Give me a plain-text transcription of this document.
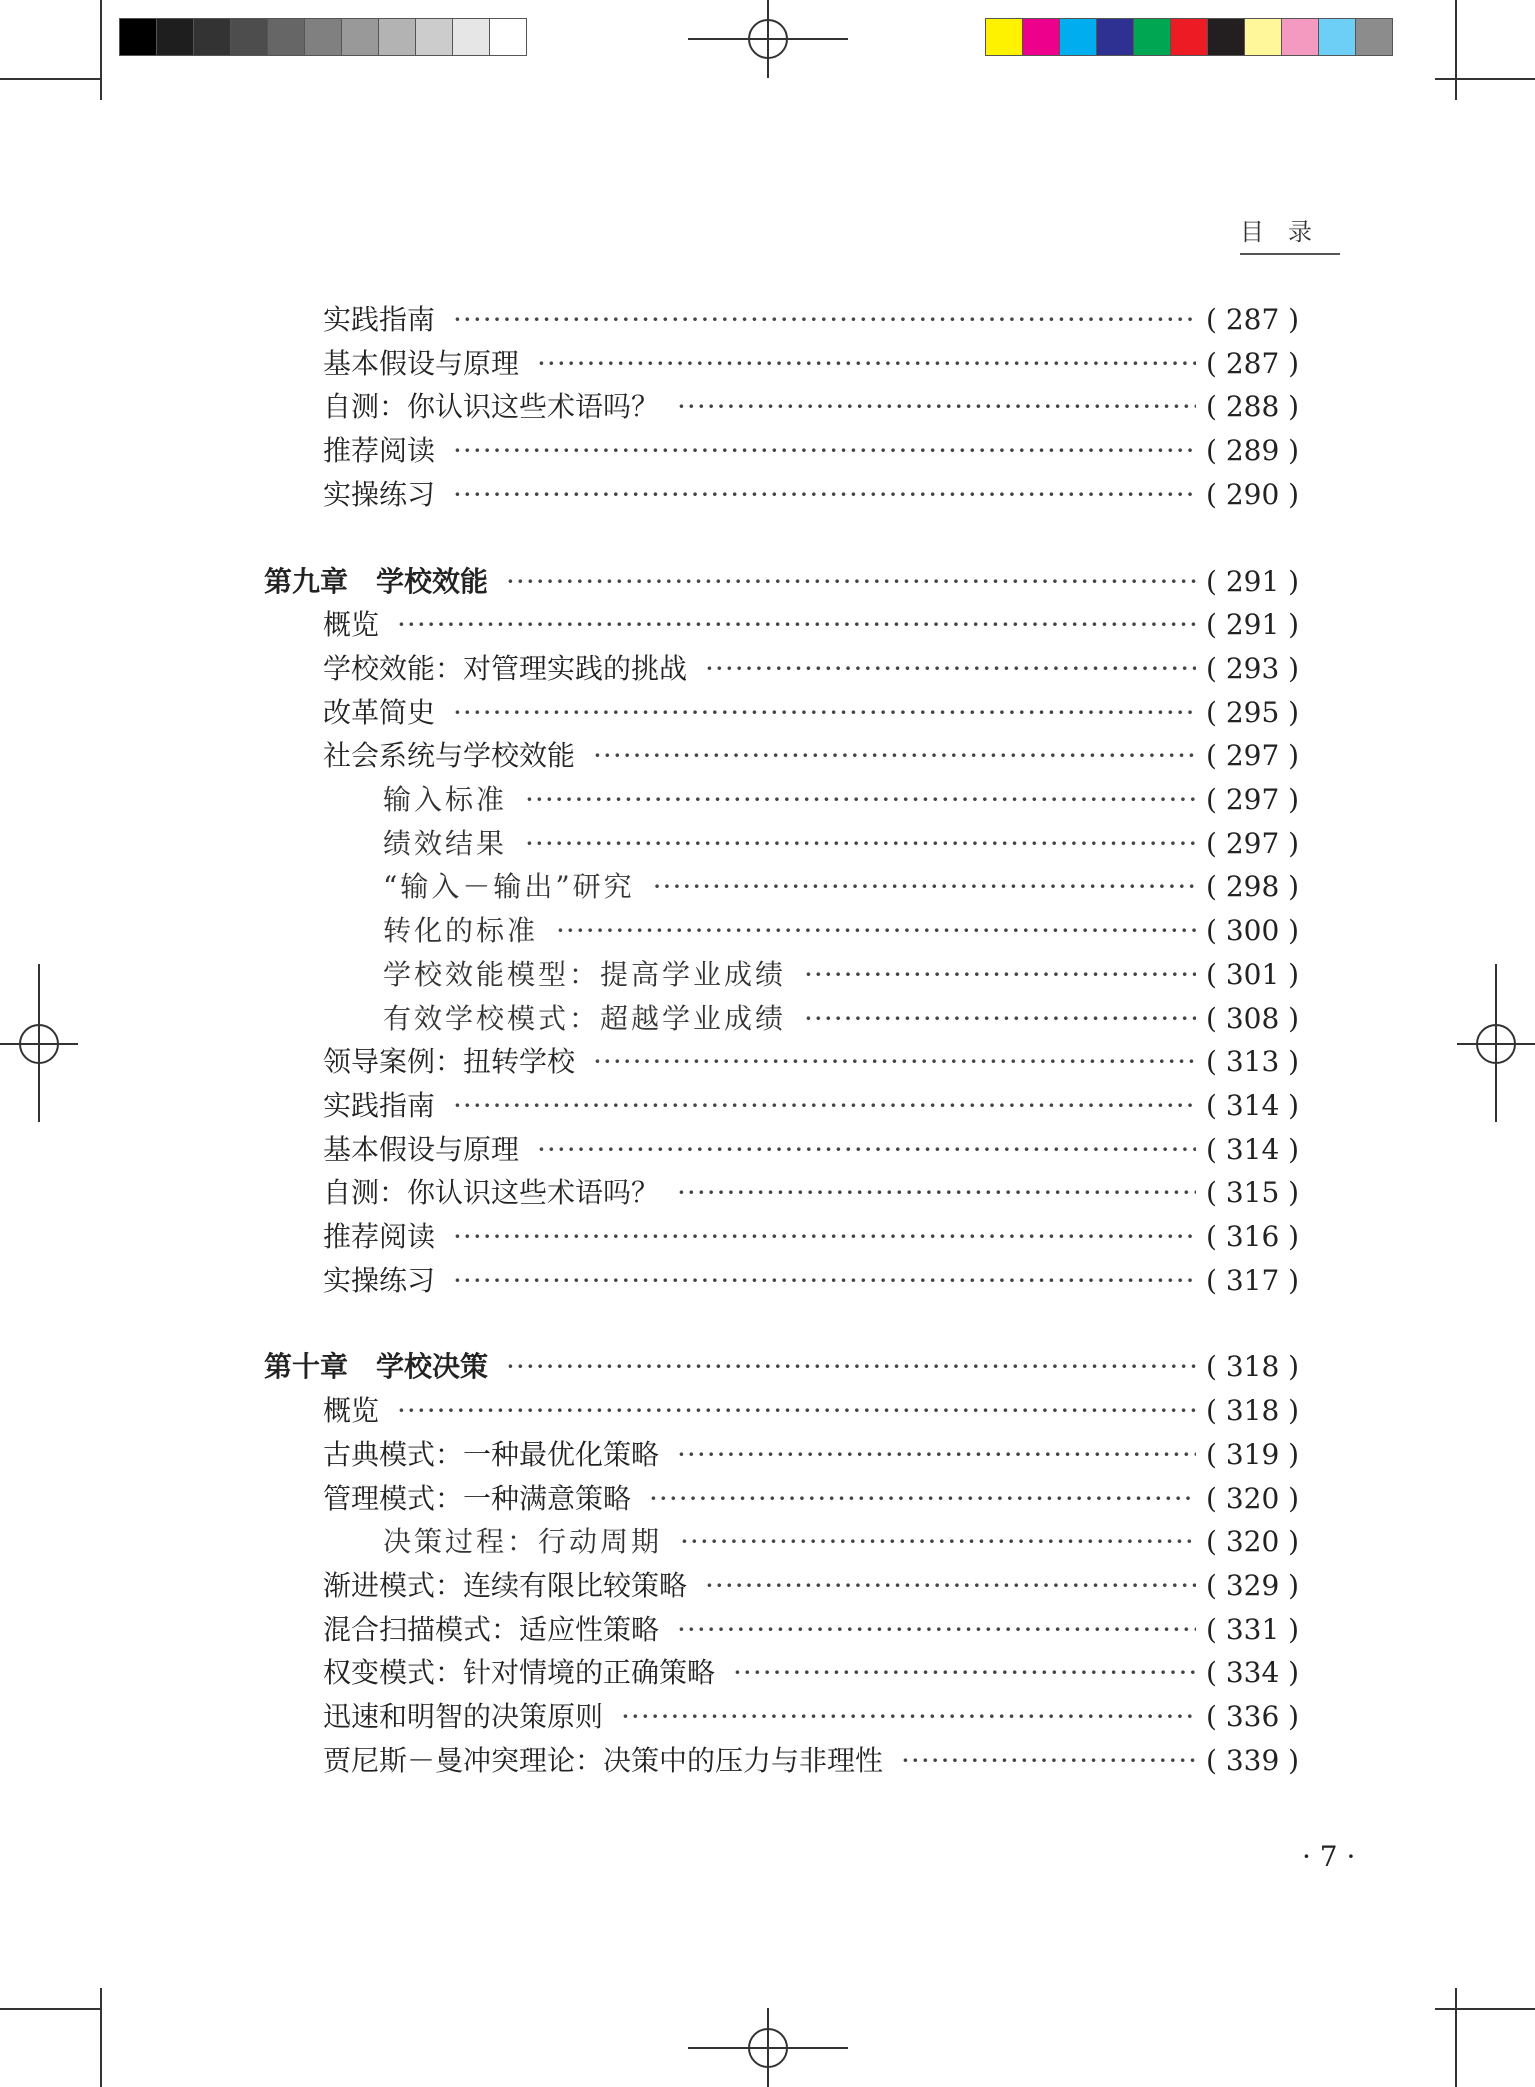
目录
实践指南 ·····	( 287 )
基本假设与原理 ·····	( 287 )
自测：你认识这些术语吗？ ·····	( 288 )
推荐阅读 ·····	( 289 )
实操练习 ·····	( 290 )
第九章　学校效能 ·····	( 291 )
概览 ·····	( 291 )
学校效能：对管理实践的挑战 ·····	( 293 )
改革简史 ·····	( 295 )
社会系统与学校效能 ·····	( 297 )
输入标准 ·····	( 297 )
绩效结果 ·····	( 297 )
“输入－输出”研究 ·····	( 298 )
转化的标准 ·····	( 300 )
学校效能模型：提高学业成绩 ·····	( 301 )
有效学校模式：超越学业成绩 ·····	( 308 )
领导案例：扭转学校 ·····	( 313 )
实践指南 ·····	( 314 )
基本假设与原理 ·····	( 314 )
自测：你认识这些术语吗？ ·····	( 315 )
推荐阅读 ·····	( 316 )
实操练习 ·····	( 317 )
第十章　学校决策 ·····	( 318 )
概览 ·····	( 318 )
古典模式：一种最优化策略 ·····	( 319 )
管理模式：一种满意策略 ·····	( 320 )
决策过程：行动周期 ·····	( 320 )
渐进模式：连续有限比较策略 ·····	( 329 )
混合扫描模式：适应性策略 ·····	( 331 )
权变模式：针对情境的正确策略 ·····	( 334 )
迅速和明智的决策原则 ·····	( 336 )
贾尼斯－曼冲突理论：决策中的压力与非理性 ·····	( 339 )
· 7 ·
